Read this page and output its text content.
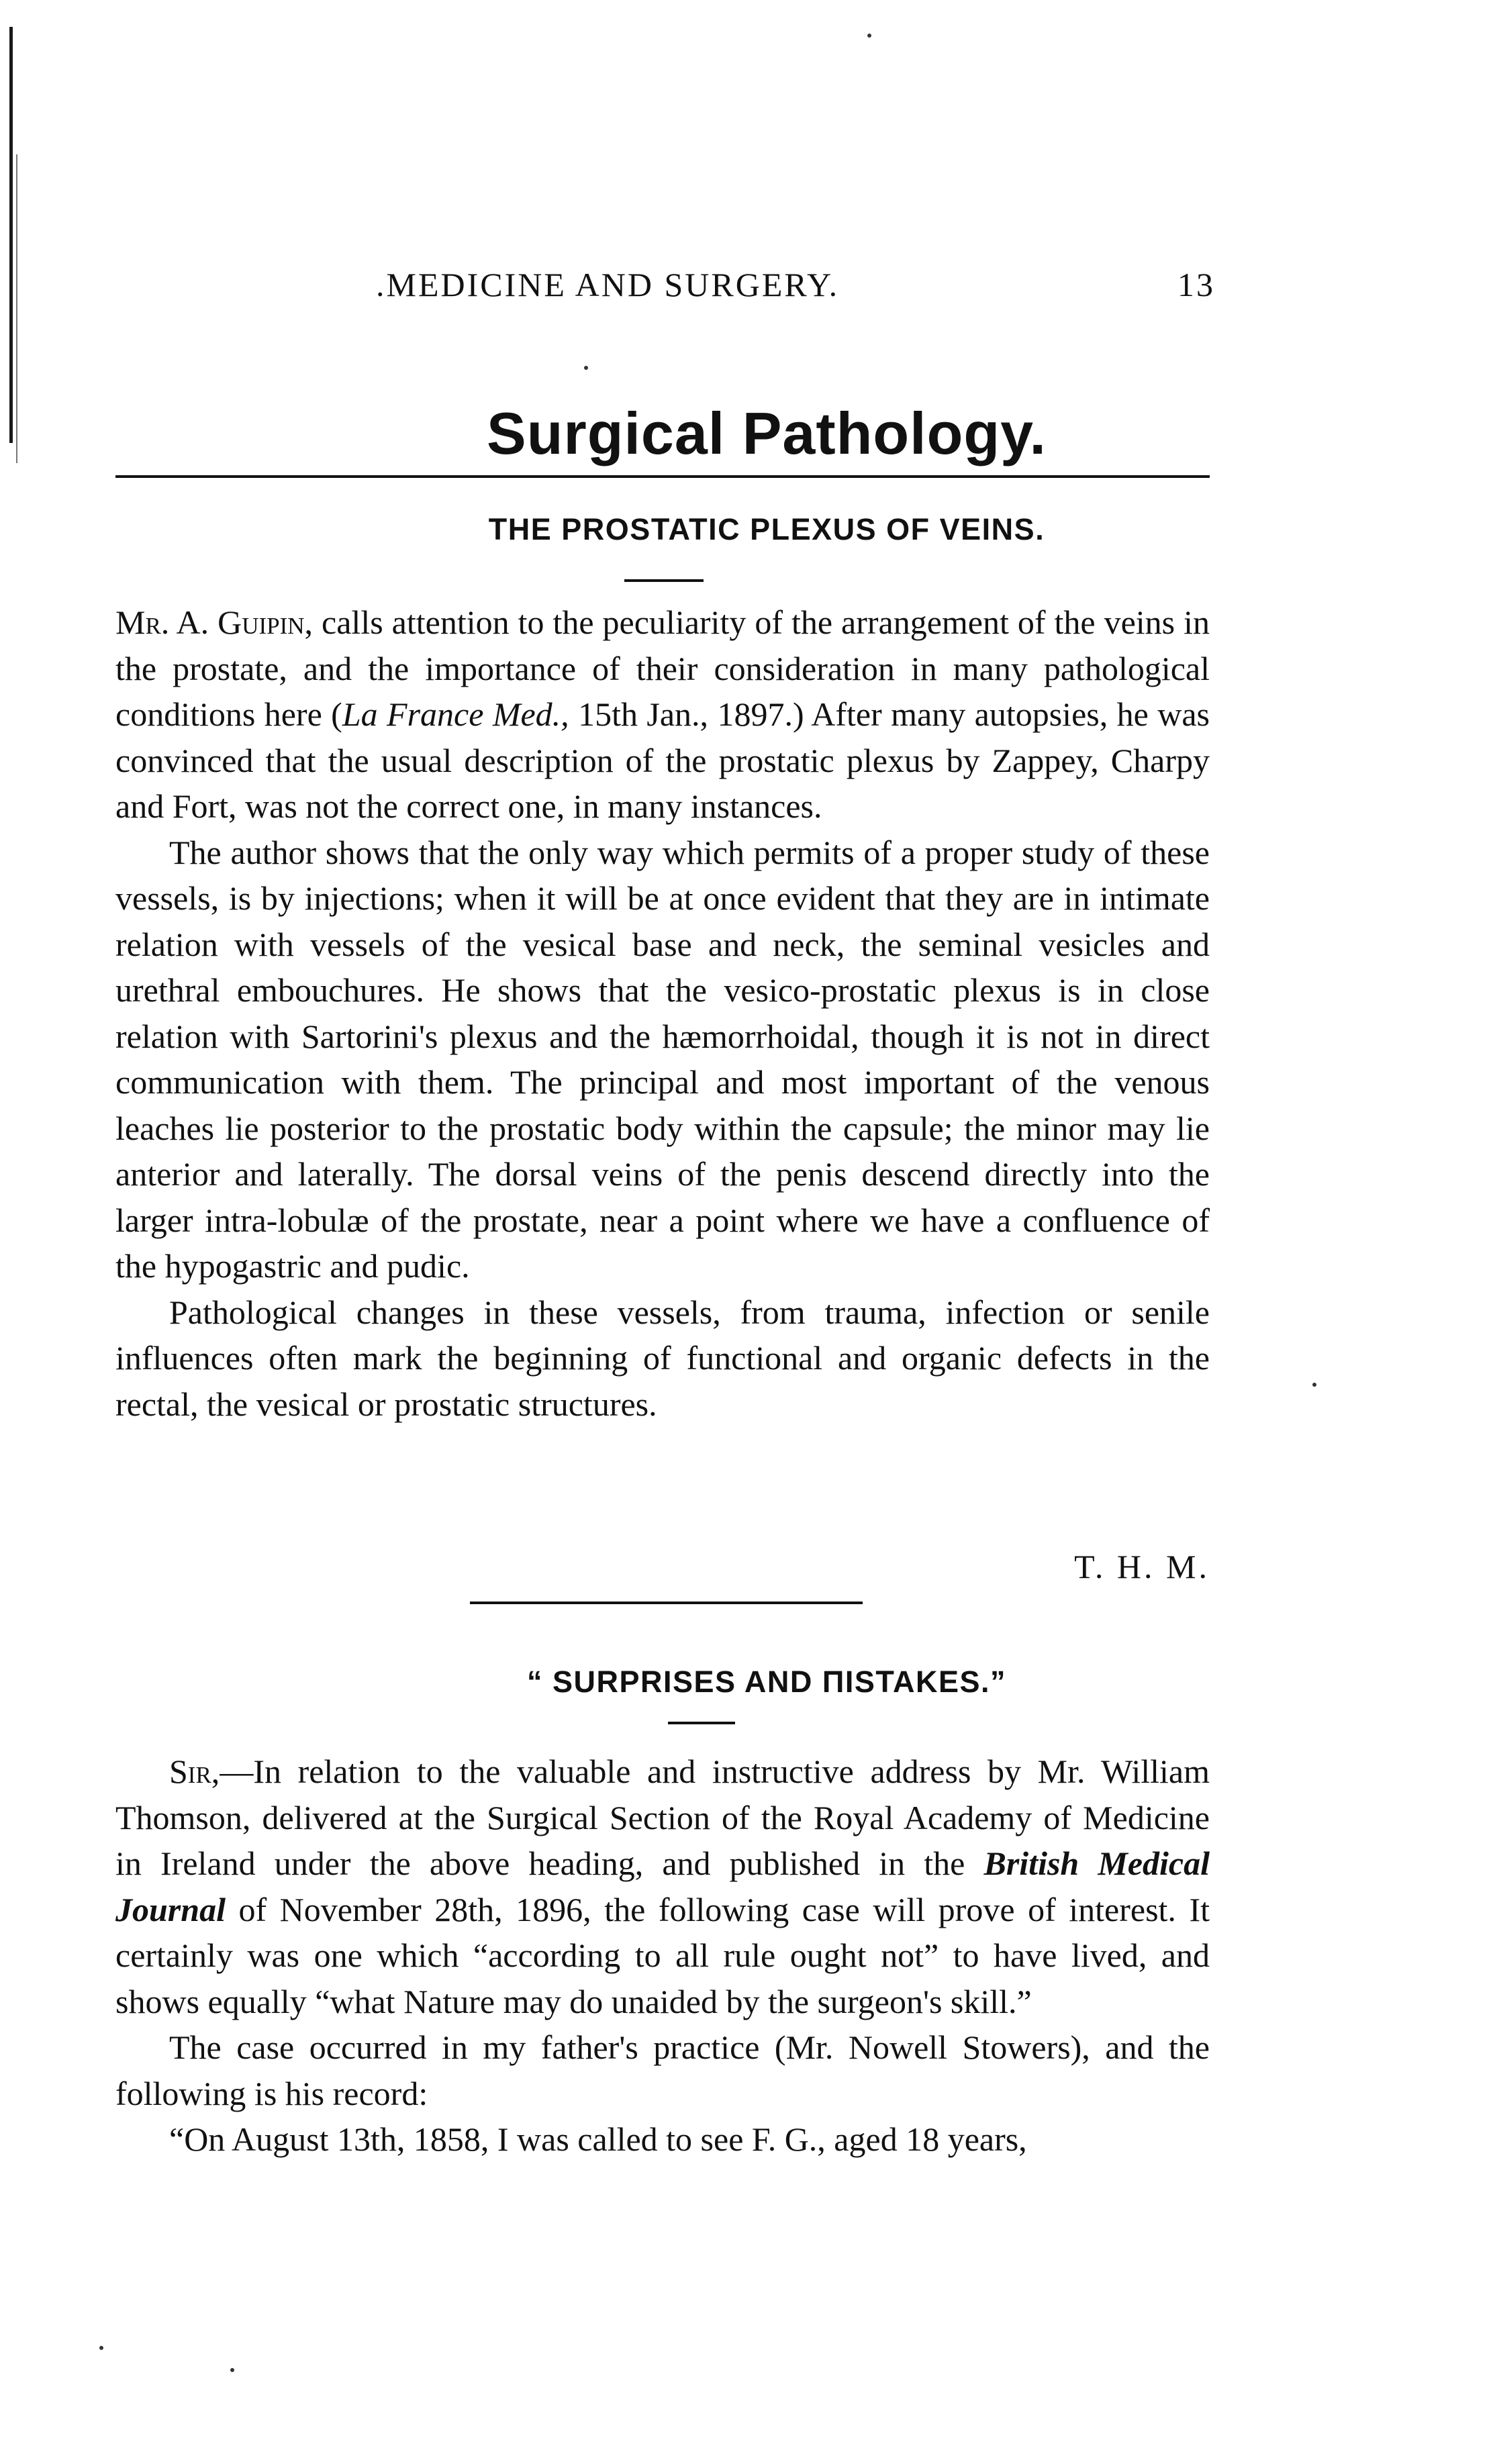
.MEDICINE AND SURGERY.	13
Surgical Pathology.
THE PROSTATIC PLEXUS OF VEINS.

Mr. A. Guipin, calls attention to the peculiarity of the arrangement of the veins in the prostate, and the importance of their consideration in many pathological conditions here (La France Med., 15th Jan., 1897.) After many autopsies, he was convinced that the usual description of the prostatic plexus by Zappey, Charpy and Fort, was not the correct one, in many instances.

The author shows that the only way which permits of a proper study of these vessels, is by injections; when it will be at once evident that they are in intimate relation with vessels of the vesical base and neck, the seminal vesicles and urethral embouchures. He shows that the vesico-prostatic plexus is in close relation with Sartorini's plexus and the hæmorrhoidal, though it is not in direct communication with them. The principal and most important of the venous leaches lie posterior to the prostatic body within the capsule; the minor may lie anterior and laterally. The dorsal veins of the penis descend directly into the larger intra-lobulæ of the prostate, near a point where we have a confluence of the hypogastric and pudic.

Pathological changes in these vessels, from trauma, infection or senile influences often mark the beginning of functional and organic defects in the rectal, the vesical or prostatic structures.

T. H. M.
“ SURPRISES AND ΠISTAKES.”

Sir,—In relation to the valuable and instructive address by Mr. William Thomson, delivered at the Surgical Section of the Royal Academy of Medicine in Ireland under the above heading, and published in the British Medical Journal of November 28th, 1896, the following case will prove of interest. It certainly was one which “according to all rule ought not” to have lived, and shows equally “what Nature may do unaided by the surgeon's skill.”

The case occurred in my father's practice (Mr. Nowell Stowers), and the following is his record:

“On August 13th, 1858, I was called to see F. G., aged 18 years,
